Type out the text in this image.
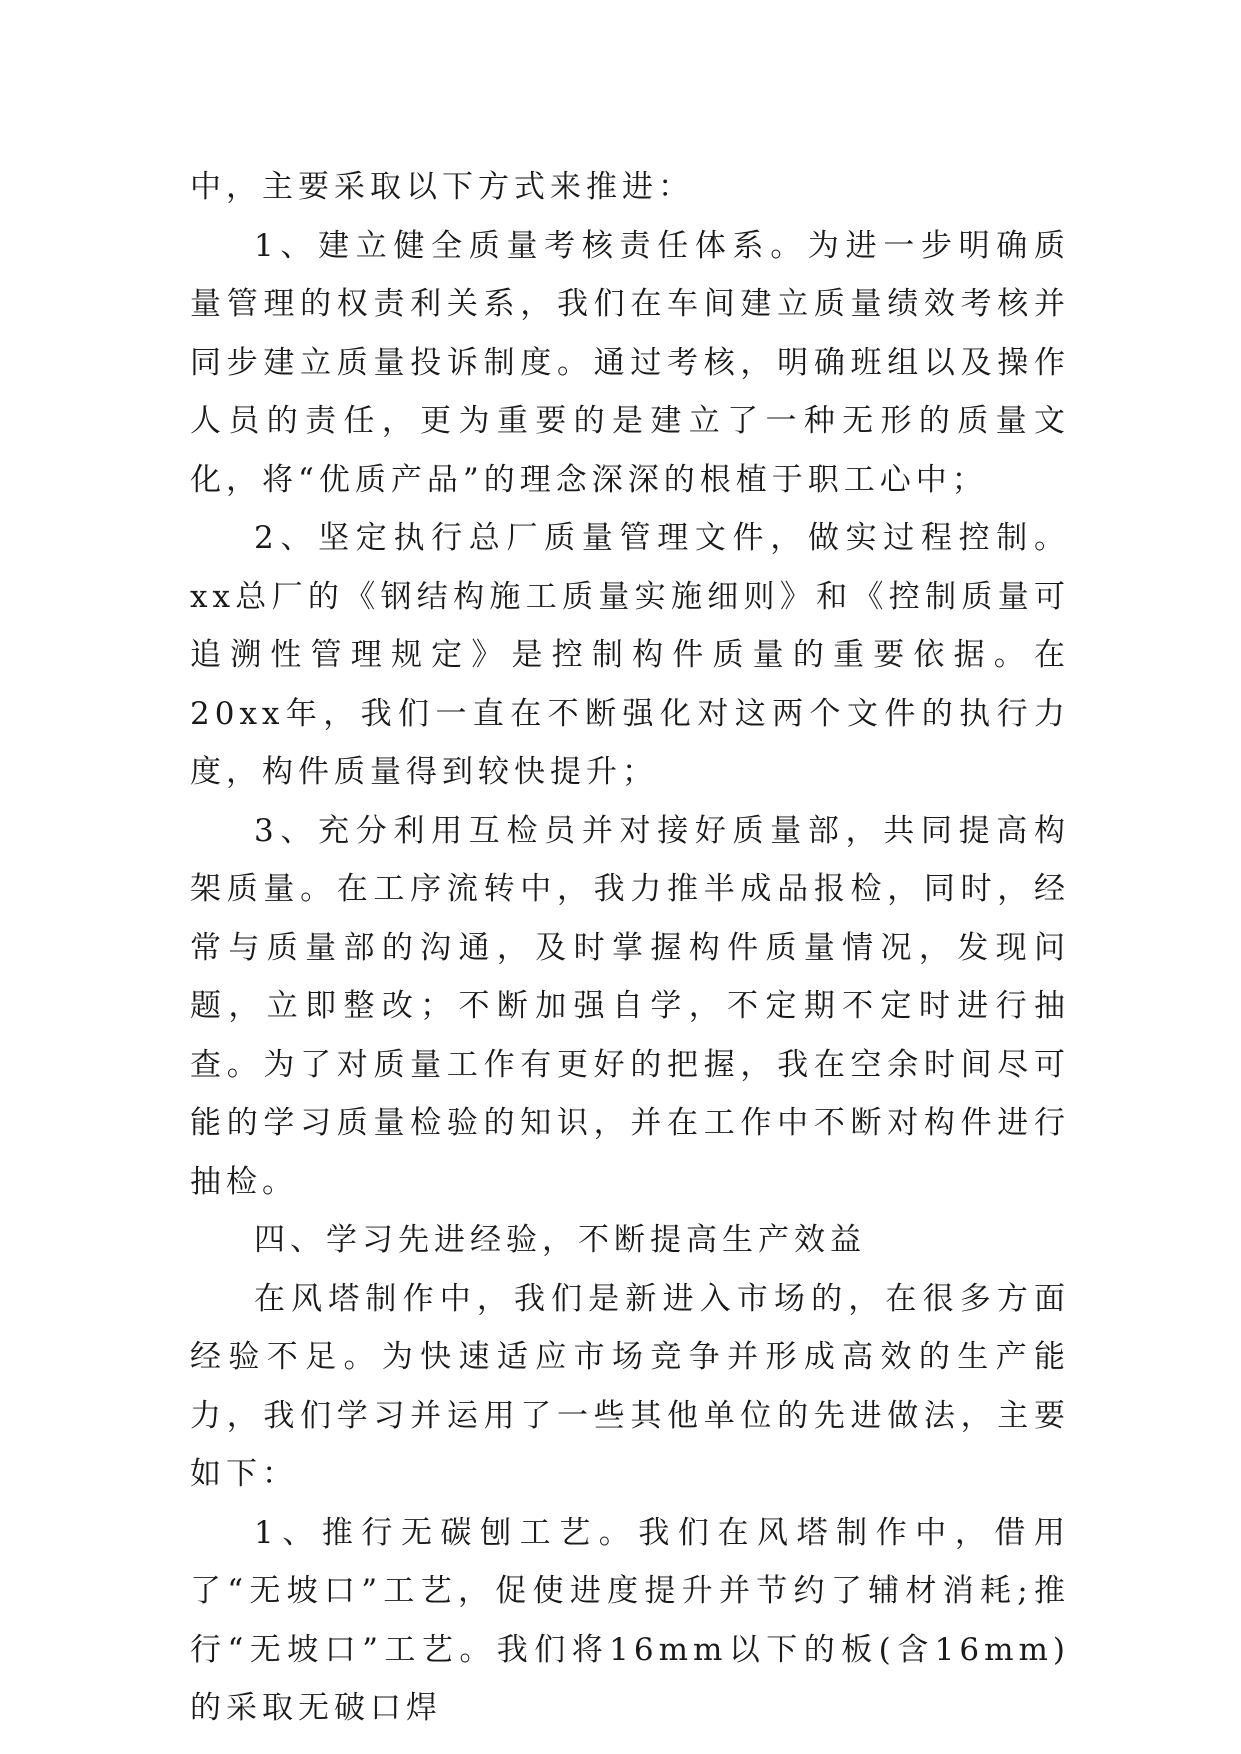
中，主要采取以下方式来推进：

1、建立健全质量考核责任体系。为进一步明确质量管理的权责利关系，我们在车间建立质量绩效考核并同步建立质量投诉制度。通过考核，明确班组以及操作人员的责任，更为重要的是建立了一种无形的质量文化，将“优质产品”的理念深深的根植于职工心中；

2、坚定执行总厂质量管理文件，做实过程控制。xx总厂的《钢结构施工质量实施细则》和《控制质量可追溯性管理规定》是控制构件质量的重要依据。在20xx年，我们一直在不断强化对这两个文件的执行力度，构件质量得到较快提升；

3、充分利用互检员并对接好质量部，共同提高构架质量。在工序流转中，我力推半成品报检，同时，经常与质量部的沟通，及时掌握构件质量情况，发现问题，立即整改；不断加强自学，不定期不定时进行抽查。为了对质量工作有更好的把握，我在空余时间尽可能的学习质量检验的知识，并在工作中不断对构件进行抽检。

四、学习先进经验，不断提高生产效益

在风塔制作中，我们是新进入市场的，在很多方面经验不足。为快速适应市场竞争并形成高效的生产能力，我们学习并运用了一些其他单位的先进做法，主要如下：

1、推行无碳刨工艺。我们在风塔制作中，借用了“无坡口”工艺，促使进度提升并节约了辅材消耗;推行“无坡口”工艺。我们将16mm以下的板(含16mm)的采取无破口焊
